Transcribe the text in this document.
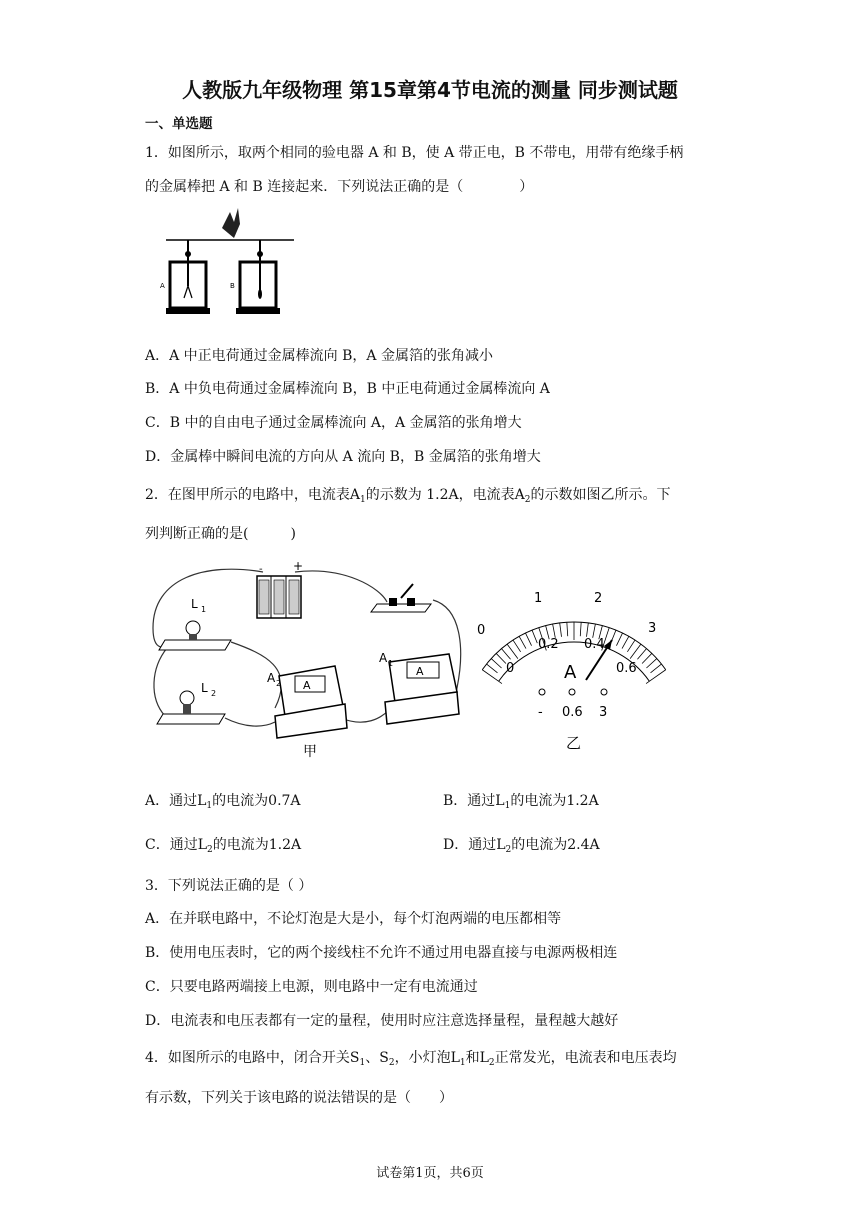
人教版九年级物理 第15章第4节电流的测量 同步测试题
一、单选题
1．如图所示，取两个相同的验电器 A 和 B，使 A 带正电，B 不带电，用带有绝缘手柄
的金属棒把 A 和 B 连接起来．下列说法正确的是（　　　　）
A	B
A．A 中正电荷通过金属棒流向 B，A 金属箔的张角减小
B．A 中负电荷通过金属棒流向 B，B 中正电荷通过金属棒流向 A
C．B 中的自由电子通过金属棒流向 A，A 金属箔的张角增大
D．金属棒中瞬间电流的方向从 A 流向 B，B 金属箔的张角增大
2．在图甲所示的电路中，电流表$A_1$的示数为 1.2A，电流表$A_2$的示数如图乙所示。下
列判断正确的是(　　　)
-	+
L 1
L 2
A
A 2
A
A 1
甲
0
1	2
3
0
0.2 0.4
0.6
A
- 0.6 3
乙
A．通过$L_1$的电流为0.7A	B．通过$L_1$的电流为1.2A
C．通过$L_2$的电流为1.2A	D．通过$L_2$的电流为2.4A
3．下列说法正确的是（ ）
A．在并联电路中，不论灯泡是大是小，每个灯泡两端的电压都相等
B．使用电压表时，它的两个接线柱不允许不通过用电器直接与电源两极相连
C．只要电路两端接上电源，则电路中一定有电流通过
D．电流表和电压表都有一定的量程，使用时应注意选择量程，量程越大越好
4．如图所示的电路中，闭合开关$S_1$、$S_2$，小灯泡$L_1$和$L_2$正常发光，电流表和电压表均
有示数，下列关于该电路的说法错误的是（　　）
试卷第1页，共6页
